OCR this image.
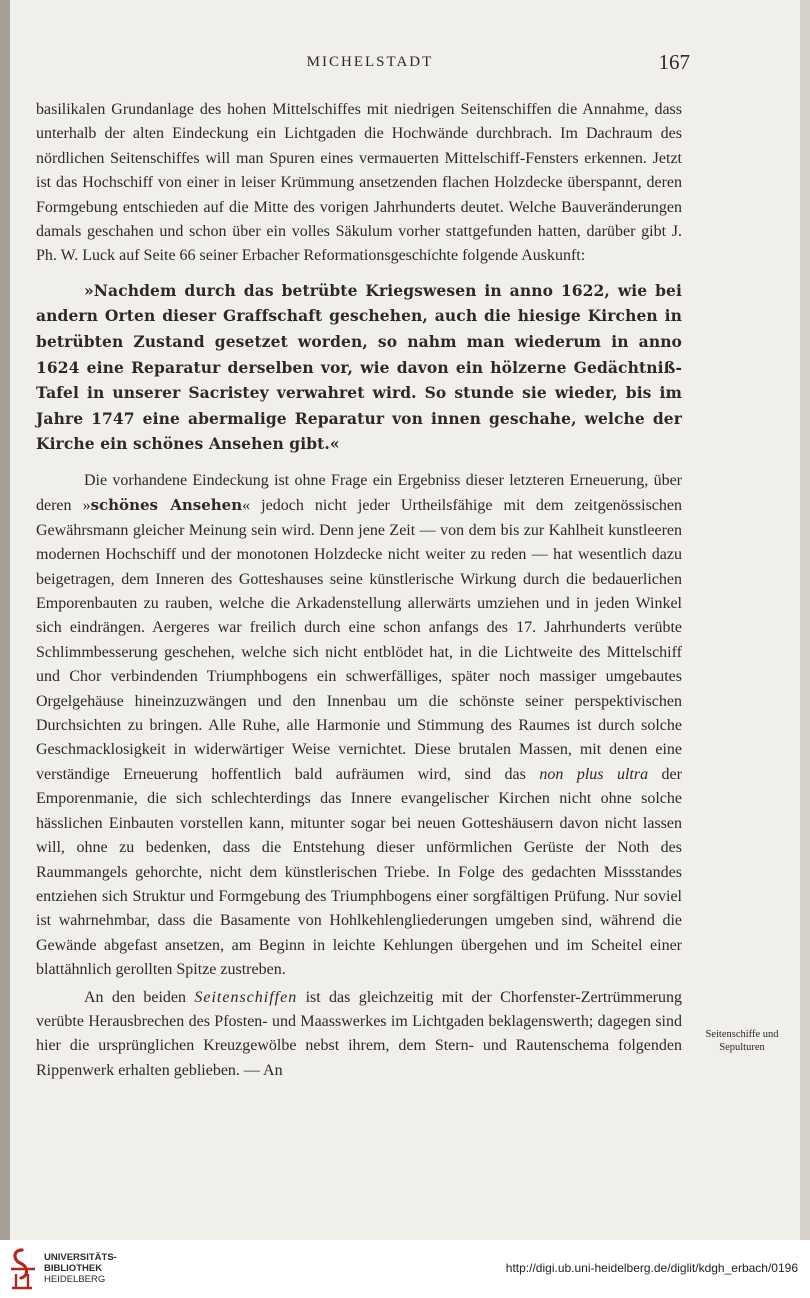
MICHELSTADT	167

basilikalen Grundanlage des hohen Mittelschiffes mit niedrigen Seitenschiffen die Annahme, dass unterhalb der alten Eindeckung ein Lichtgaden die Hochwände durchbrach. Im Dachraum des nördlichen Seitenschiffes will man Spuren eines vermauerten Mittelschiff-Fensters erkennen. Jetzt ist das Hochschiff von einer in leiser Krümmung ansetzenden flachen Holzdecke überspannt, deren Formgebung entschieden auf die Mitte des vorigen Jahrhunderts deutet. Welche Bauveränderungen damals geschahen und schon über ein volles Säkulum vorher stattgefunden hatten, darüber gibt J. Ph. W. Luck auf Seite 66 seiner Erbacher Reformationsgeschichte folgende Auskunft:

»Nachdem durch das betrübte Kriegswesen in anno 1622, wie bei andern Orten dieser Graffschaft geschehen, auch die hiesige Kirchen in betrübten Zustand gesetzet worden, so nahm man wiederum in anno 1624 eine Reparatur derselben vor, wie davon ein hölzerne Gedächtniß-Tafel in unserer Sacristey verwahret wird. So stunde sie wieder, bis im Jahre 1747 eine abermalige Reparatur von innen geschahe, welche der Kirche ein schönes Ansehen gibt.«

Die vorhandene Eindeckung ist ohne Frage ein Ergebniss dieser letzteren Erneuerung, über deren »schönes Ansehen« jedoch nicht jeder Urtheilsfähige mit dem zeitgenössischen Gewährsmann gleicher Meinung sein wird. Denn jene Zeit — von dem bis zur Kahlheit kunstleeren modernen Hochschiff und der monotonen Holzdecke nicht weiter zu reden — hat wesentlich dazu beigetragen, dem Inneren des Gotteshauses seine künstlerische Wirkung durch die bedauerlichen Emporenbauten zu rauben, welche die Arkadenstellung allerwärts umziehen und in jeden Winkel sich eindrängen. Aergeres war freilich durch eine schon anfangs des 17. Jahrhunderts verübte Schlimmbesserung geschehen, welche sich nicht entblödet hat, in die Lichtweite des Mittelschiff und Chor verbindenden Triumphbogens ein schwerfälliges, später noch massiger umgebautes Orgelgehäuse hineinzuzwängen und den Innenbau um die schönste seiner perspektivischen Durchsichten zu bringen. Alle Ruhe, alle Harmonie und Stimmung des Raumes ist durch solche Geschmacklosigkeit in widerwärtiger Weise vernichtet. Diese brutalen Massen, mit denen eine verständige Erneuerung hoffentlich bald aufräumen wird, sind das non plus ultra der Emporenmanie, die sich schlechterdings das Innere evangelischer Kirchen nicht ohne solche hässlichen Einbauten vorstellen kann, mitunter sogar bei neuen Gotteshäusern davon nicht lassen will, ohne zu bedenken, dass die Entstehung dieser unförmlichen Gerüste der Noth des Raummangels gehorchte, nicht dem künstlerischen Triebe. In Folge des gedachten Missstandes entziehen sich Struktur und Formgebung des Triumphbogens einer sorgfältigen Prüfung. Nur soviel ist wahrnehmbar, dass die Basamente von Hohlkehlengliederungen umgeben sind, während die Gewände abgefast ansetzen, am Beginn in leichte Kehlungen übergehen und im Scheitel einer blattähnlich gerollten Spitze zustreben.

An den beiden Seitenschiffen ist das gleichzeitig mit der Chorfenster-Zertrümmerung verübte Herausbrechen des Pfosten- und Maasswerkes im Lichtgaden beklagenswerth; dagegen sind hier die ursprünglichen Kreuzgewölbe nebst ihrem, dem Stern- und Rautenschema folgenden Rippenwerk erhalten geblieben. — An

Seitenschiffe und
Sepulturen
UNIVERSITÄTS-
BIBLIOTHEK
HEIDELBERG
http://digi.ub.uni-heidelberg.de/diglit/kdgh_erbach/0196
